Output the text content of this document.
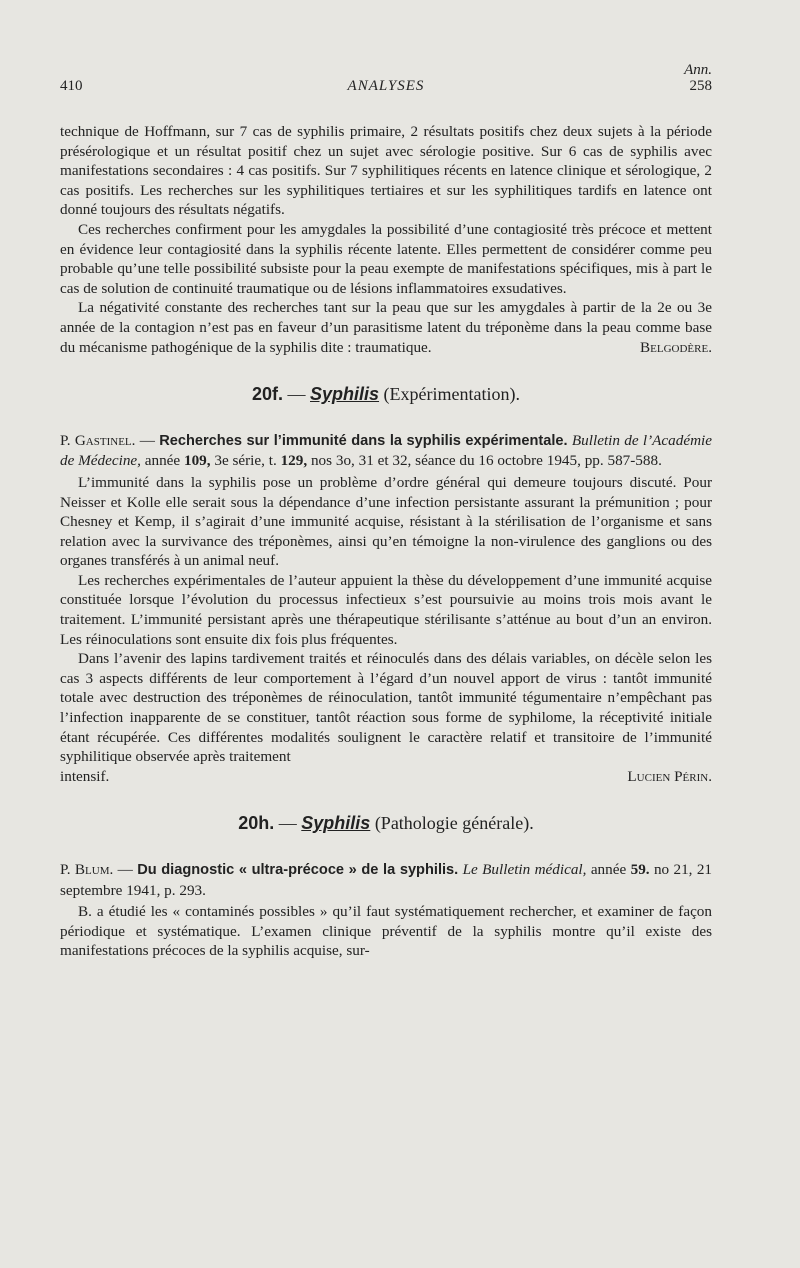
Ann.
410	ANALYSES	258

technique de Hoffmann, sur 7 cas de syphilis primaire, 2 résultats positifs chez deux sujets à la période présérologique et un résultat positif chez un sujet avec sérologie positive. Sur 6 cas de syphilis avec manifestations secondaires : 4 cas positifs. Sur 7 syphilitiques récents en latence clinique et sérologique, 2 cas positifs. Les recherches sur les syphilitiques tertiaires et sur les syphilitiques tardifs en latence ont donné toujours des résultats négatifs.

Ces recherches confirment pour les amygdales la possibilité d’une contagiosité très précoce et mettent en évidence leur contagiosité dans la syphilis récente latente. Elles permettent de considérer comme peu probable qu’une telle possibilité subsiste pour la peau exempte de manifestations spécifiques, mis à part le cas de solution de continuité traumatique ou de lésions inflammatoires exsudatives.

La négativité constante des recherches tant sur la peau que sur les amygdales à partir de la 2e ou 3e année de la contagion n’est pas en faveur d’un parasitisme latent du tréponème dans la peau comme base du mécanisme pathogénique de la syphilis dite : traumatique.	Belgodère.

20f. — Syphilis (Expérimentation).

P. Gastinel. — Recherches sur l’immunité dans la syphilis expérimentale. Bulletin de l’Académie de Médecine, année 109, 3e série, t. 129, nos 3o, 31 et 32, séance du 16 octobre 1945, pp. 587-588.

L’immunité dans la syphilis pose un problème d’ordre général qui demeure toujours discuté. Pour Neisser et Kolle elle serait sous la dépendance d’une infection persistante assurant la prémunition ; pour Chesney et Kemp, il s’agirait d’une immunité acquise, résistant à la stérilisation de l’organisme et sans relation avec la survivance des tréponèmes, ainsi qu’en témoigne la non-virulence des ganglions ou des organes transférés à un animal neuf.

Les recherches expérimentales de l’auteur appuient la thèse du développement d’une immunité acquise constituée lorsque l’évolution du processus infectieux s’est poursuivie au moins trois mois avant le traitement. L’immunité persistant après une thérapeutique stérilisante s’atténue au bout d’un an environ. Les réinoculations sont ensuite dix fois plus fréquentes.

Dans l’avenir des lapins tardivement traités et réinoculés dans des délais variables, on décèle selon les cas 3 aspects différents de leur comportement à l’égard d’un nouvel apport de virus : tantôt immunité totale avec destruction des tréponèmes de réinoculation, tantôt immunité tégumentaire n’empêchant pas l’infection inapparente de se constituer, tantôt réaction sous forme de syphilome, la réceptivité initiale étant récupérée. Ces différentes modalités soulignent le caractère relatif et transitoire de l’immunité syphilitique observée après traitement

intensif.	Lucien Périn.
20h. — Syphilis (Pathologie générale).

P. Blum. — Du diagnostic « ultra-précoce » de la syphilis. Le Bulletin médical, année 59. no 21, 21 septembre 1941, p. 293.

B. a étudié les « contaminés possibles » qu’il faut systématiquement rechercher, et examiner de façon périodique et systématique. L’examen clinique préventif de la syphilis montre qu’il existe des manifestations précoces de la syphilis acquise, sur-
